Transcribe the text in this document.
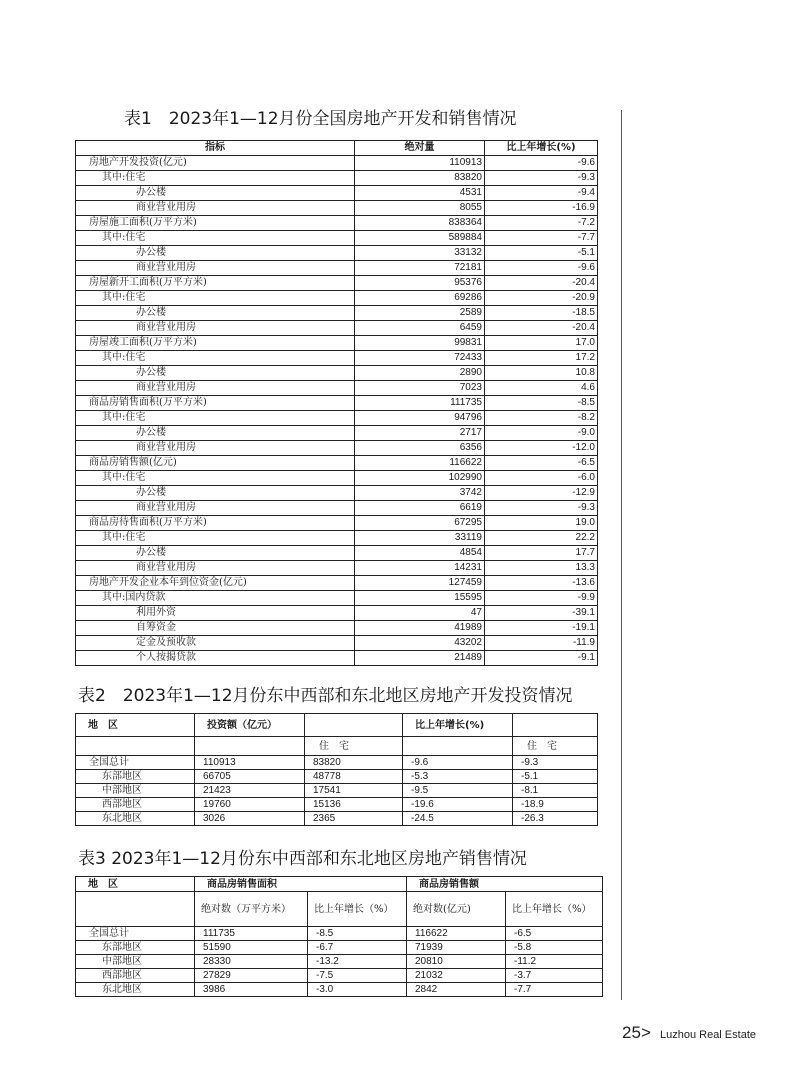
表1　2023年1—12月份全国房地产开发和销售情况
指标	绝对量	比上年增长(%)
房地产开发投资(亿元)	110913	-9.6
其中:住宅	83820	-9.3
办公楼	4531	-9.4
商业营业用房	8055	-16.9
房屋施工面积(万平方米)	838364	-7.2
其中:住宅	589884	-7.7
办公楼	33132	-5.1
商业营业用房	72181	-9.6
房屋新开工面积(万平方米)	95376	-20.4
其中:住宅	69286	-20.9
办公楼	2589	-18.5
商业营业用房	6459	-20.4
房屋竣工面积(万平方米)	99831	17.0
其中:住宅	72433	17.2
办公楼	2890	10.8
商业营业用房	7023	4.6
商品房销售面积(万平方米)	111735	-8.5
其中:住宅	94796	-8.2
办公楼	2717	-9.0
商业营业用房	6356	-12.0
商品房销售额(亿元)	116622	-6.5
其中:住宅	102990	-6.0
办公楼	3742	-12.9
商业营业用房	6619	-9.3
商品房待售面积(万平方米)	67295	19.0
其中:住宅	33119	22.2
办公楼	4854	17.7
商业营业用房	14231	13.3
房地产开发企业本年到位资金(亿元)	127459	-13.6
其中:国内贷款	15595	-9.9
利用外资	47	-39.1
自筹资金	41989	-19.1
定金及预收款	43202	-11.9
个人按揭贷款	21489	-9.1
表2　2023年1—12月份东中西部和东北地区房地产开发投资情况
地　区	投资额（亿元）		比上年增长(%)	
		住　宅		住　宅
全国总计	110913	83820	-9.6	-9.3
东部地区	66705	48778	-5.3	-5.1
中部地区	21423	17541	-9.5	-8.1
西部地区	19760	15136	-19.6	-18.9
东北地区	3026	2365	-24.5	-26.3
表3 2023年1—12月份东中西部和东北地区房地产销售情况
地　区	商品房销售面积		商品房销售额	
	绝对数（万平方米）	比上年增长（%）	绝对数(亿元)	比上年增长（%）
全国总计	111735	-8.5	116622	-6.5
东部地区	51590	-6.7	71939	-5.8
中部地区	28330	-13.2	20810	-11.2
西部地区	27829	-7.5	21032	-3.7
东北地区	3986	-3.0	2842	-7.7
25> Luzhou Real Estate
